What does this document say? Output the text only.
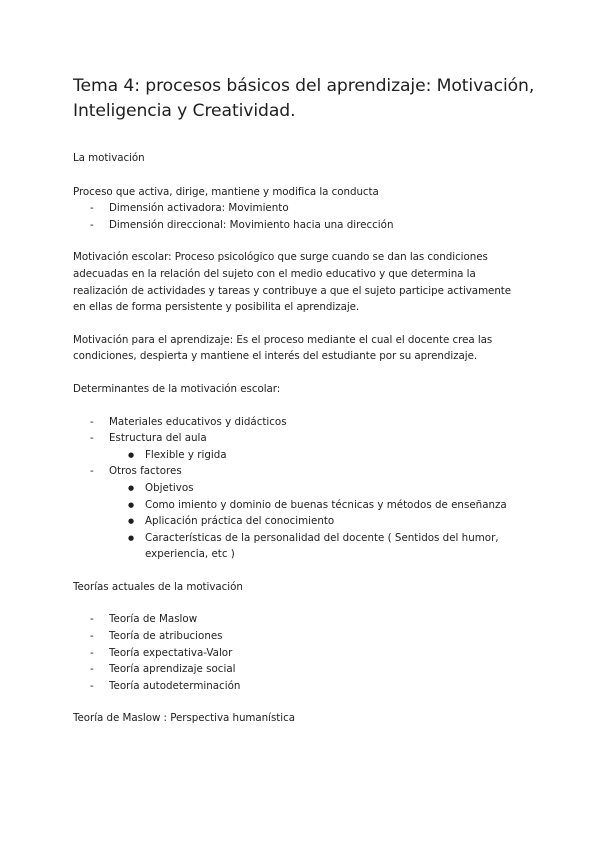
Tema 4: procesos básicos del aprendizaje: Motivación, Inteligencia y Creatividad.

La motivación

Proceso que activa, dirige, mantiene y modifica la conducta

- Dimensión activadora: Movimiento
- Dimensión direccional: Movimiento hacia una dirección

Motivación escolar: Proceso psicológico que surge cuando se dan las condiciones adecuadas en la relación del sujeto con el medio educativo y que determina la realización de actividades y tareas y contribuye a que el sujeto participe activamente en ellas de forma persistente y posibilita el aprendizaje.

Motivación para el aprendizaje: Es el proceso mediante el cual el docente crea las condiciones, despierta y mantiene el interés del estudiante por su aprendizaje.

Determinantes de la motivación escolar:

- Materiales educativos y didácticos
- Estructura del aula
● Flexible y rigida
- Otros factores
● Objetivos
● Como imiento y dominio de buenas técnicas y métodos de enseñanza
● Aplicación práctica del conocimiento
● Características de la personalidad del docente ( Sentidos del humor, experiencia, etc )

Teorías actuales de la motivación

- Teoría de Maslow
- Teoría de atribuciones
- Teoría expectativa-Valor
- Teoría aprendizaje social
- Teoría autodeterminación

Teoría de Maslow : Perspectiva humanística
